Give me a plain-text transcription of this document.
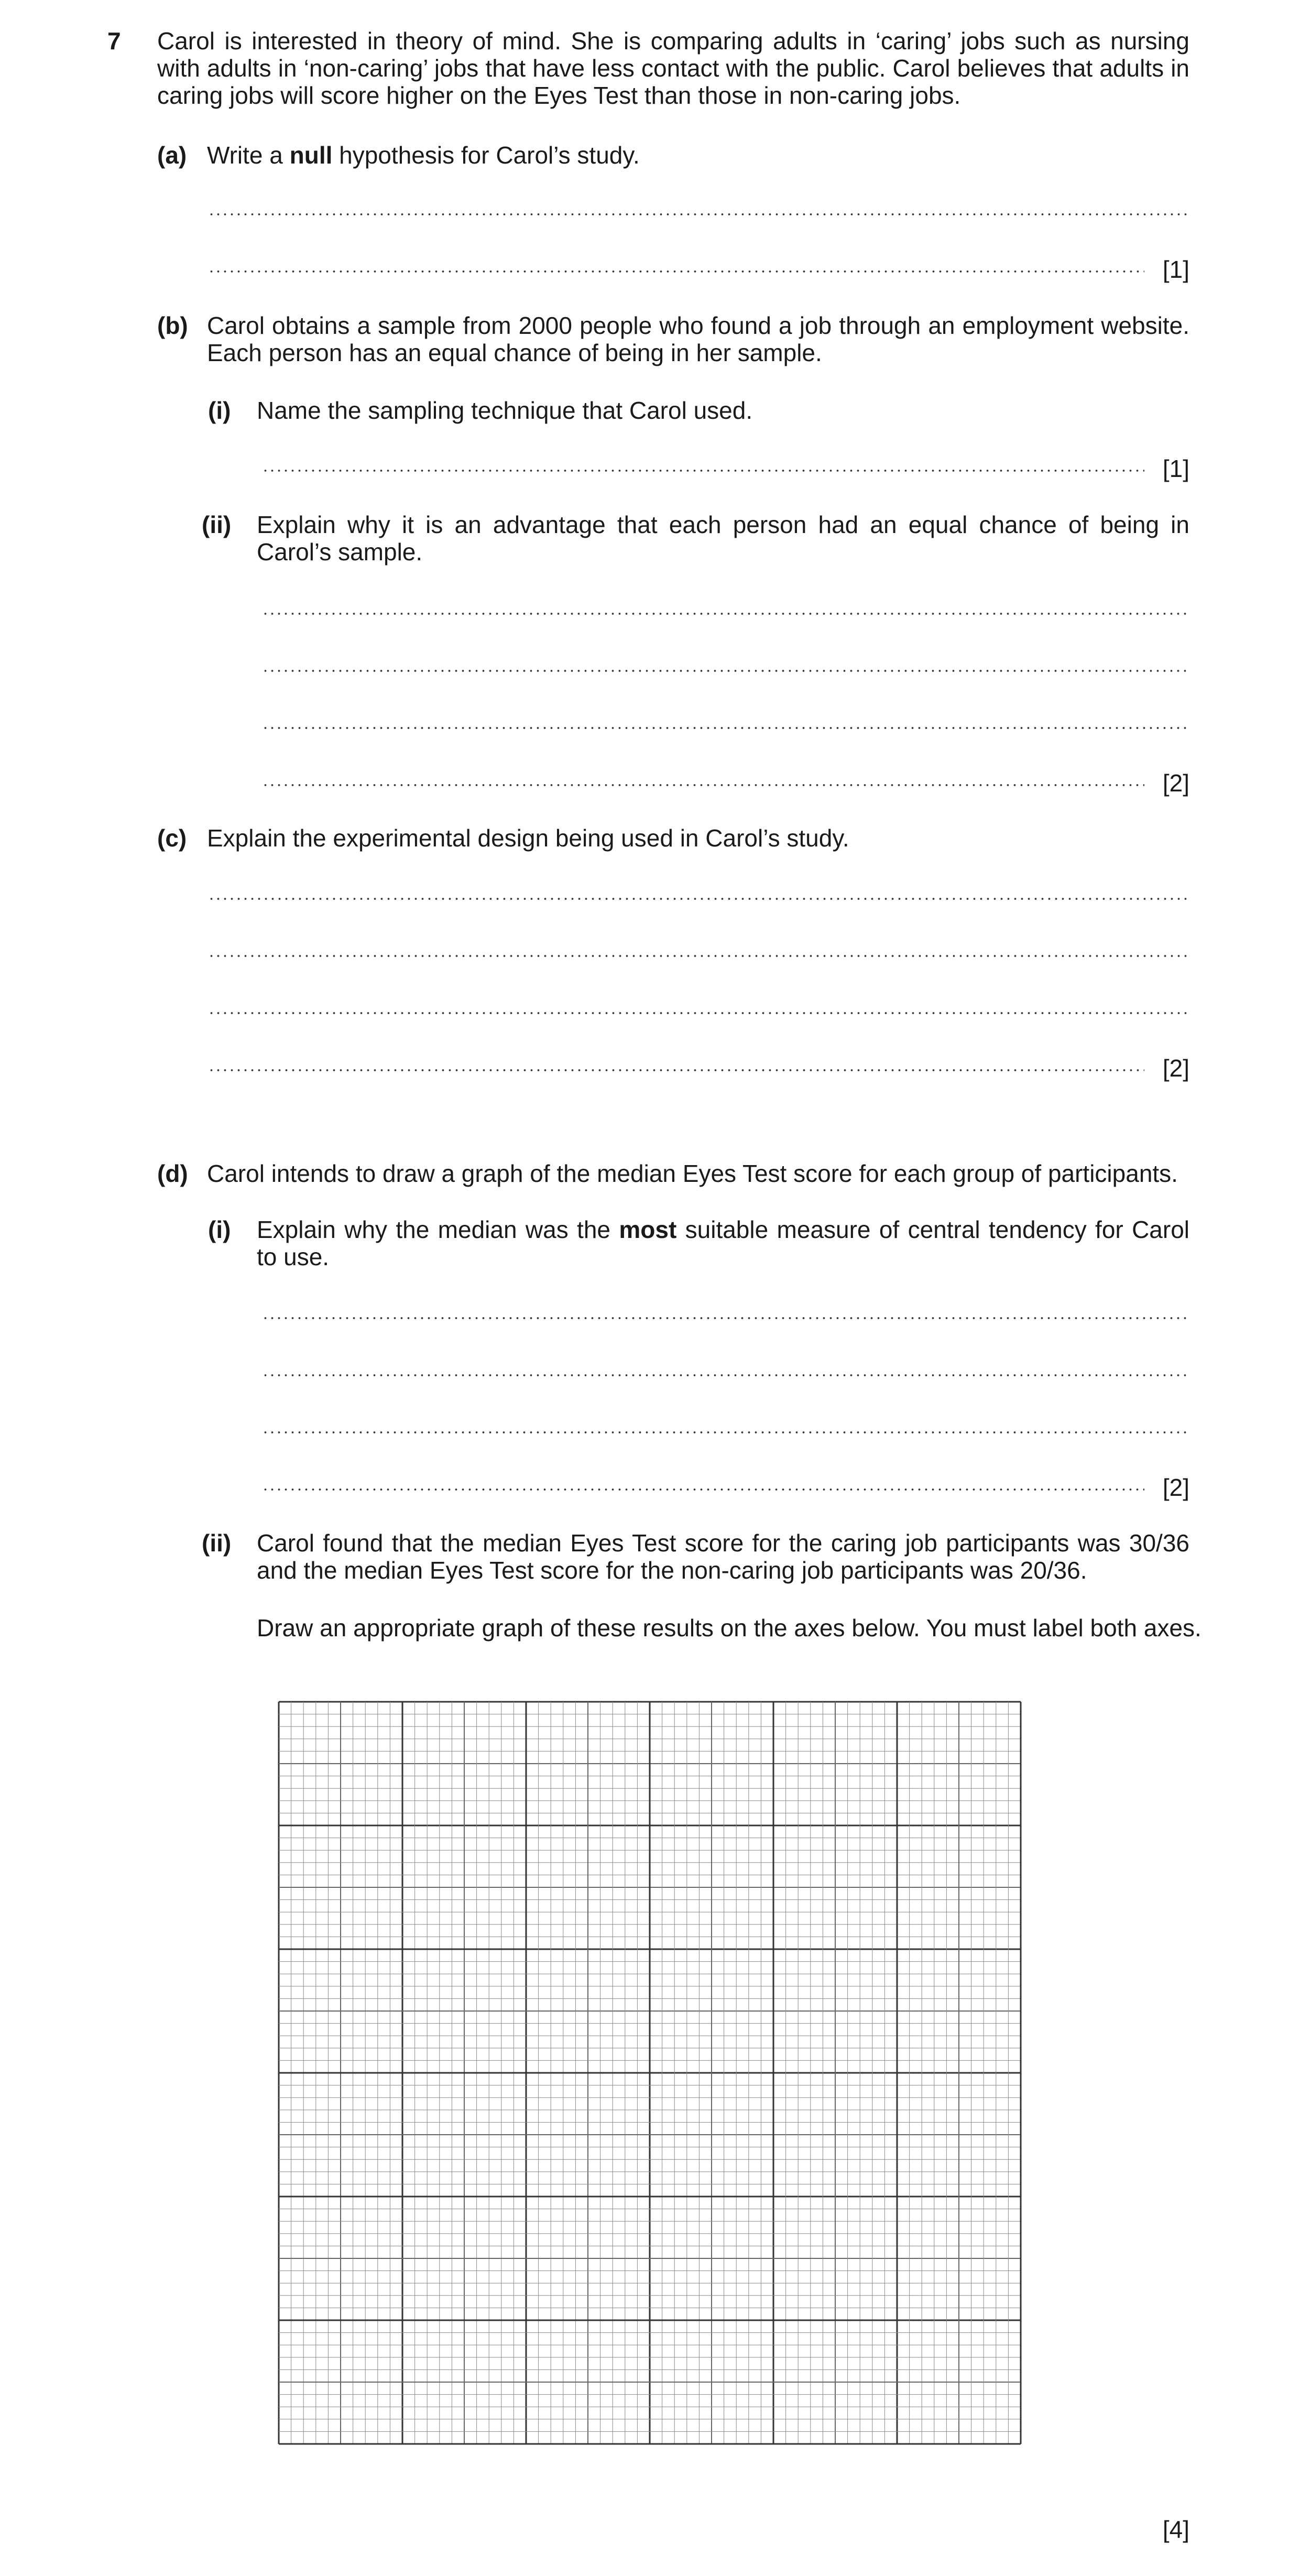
7 Carol is interested in theory of mind. She is comparing adults in ‘caring’ jobs such as nursing with adults in ‘non-caring’ jobs that have less contact with the public. Carol believes that adults in caring jobs will score higher on the Eyes Test than those in non-caring jobs.
(a) Write a null hypothesis for Carol’s study.
[1]
(b) Carol obtains a sample from 2000 people who found a job through an employment website. Each person has an equal chance of being in her sample.
(i) Name the sampling technique that Carol used.
[1]
(ii) Explain why it is an advantage that each person had an equal chance of being in Carol’s sample.
[2]
(c) Explain the experimental design being used in Carol’s study.
[2]
(d) Carol intends to draw a graph of the median Eyes Test score for each group of participants.
(i) Explain why the median was the most suitable measure of central tendency for Carol to use.
[2]
(ii) Carol found that the median Eyes Test score for the caring job participants was 30/36 and the median Eyes Test score for the non-caring job participants was 20/36.
Draw an appropriate graph of these results on the axes below. You must label both axes.
[4]
